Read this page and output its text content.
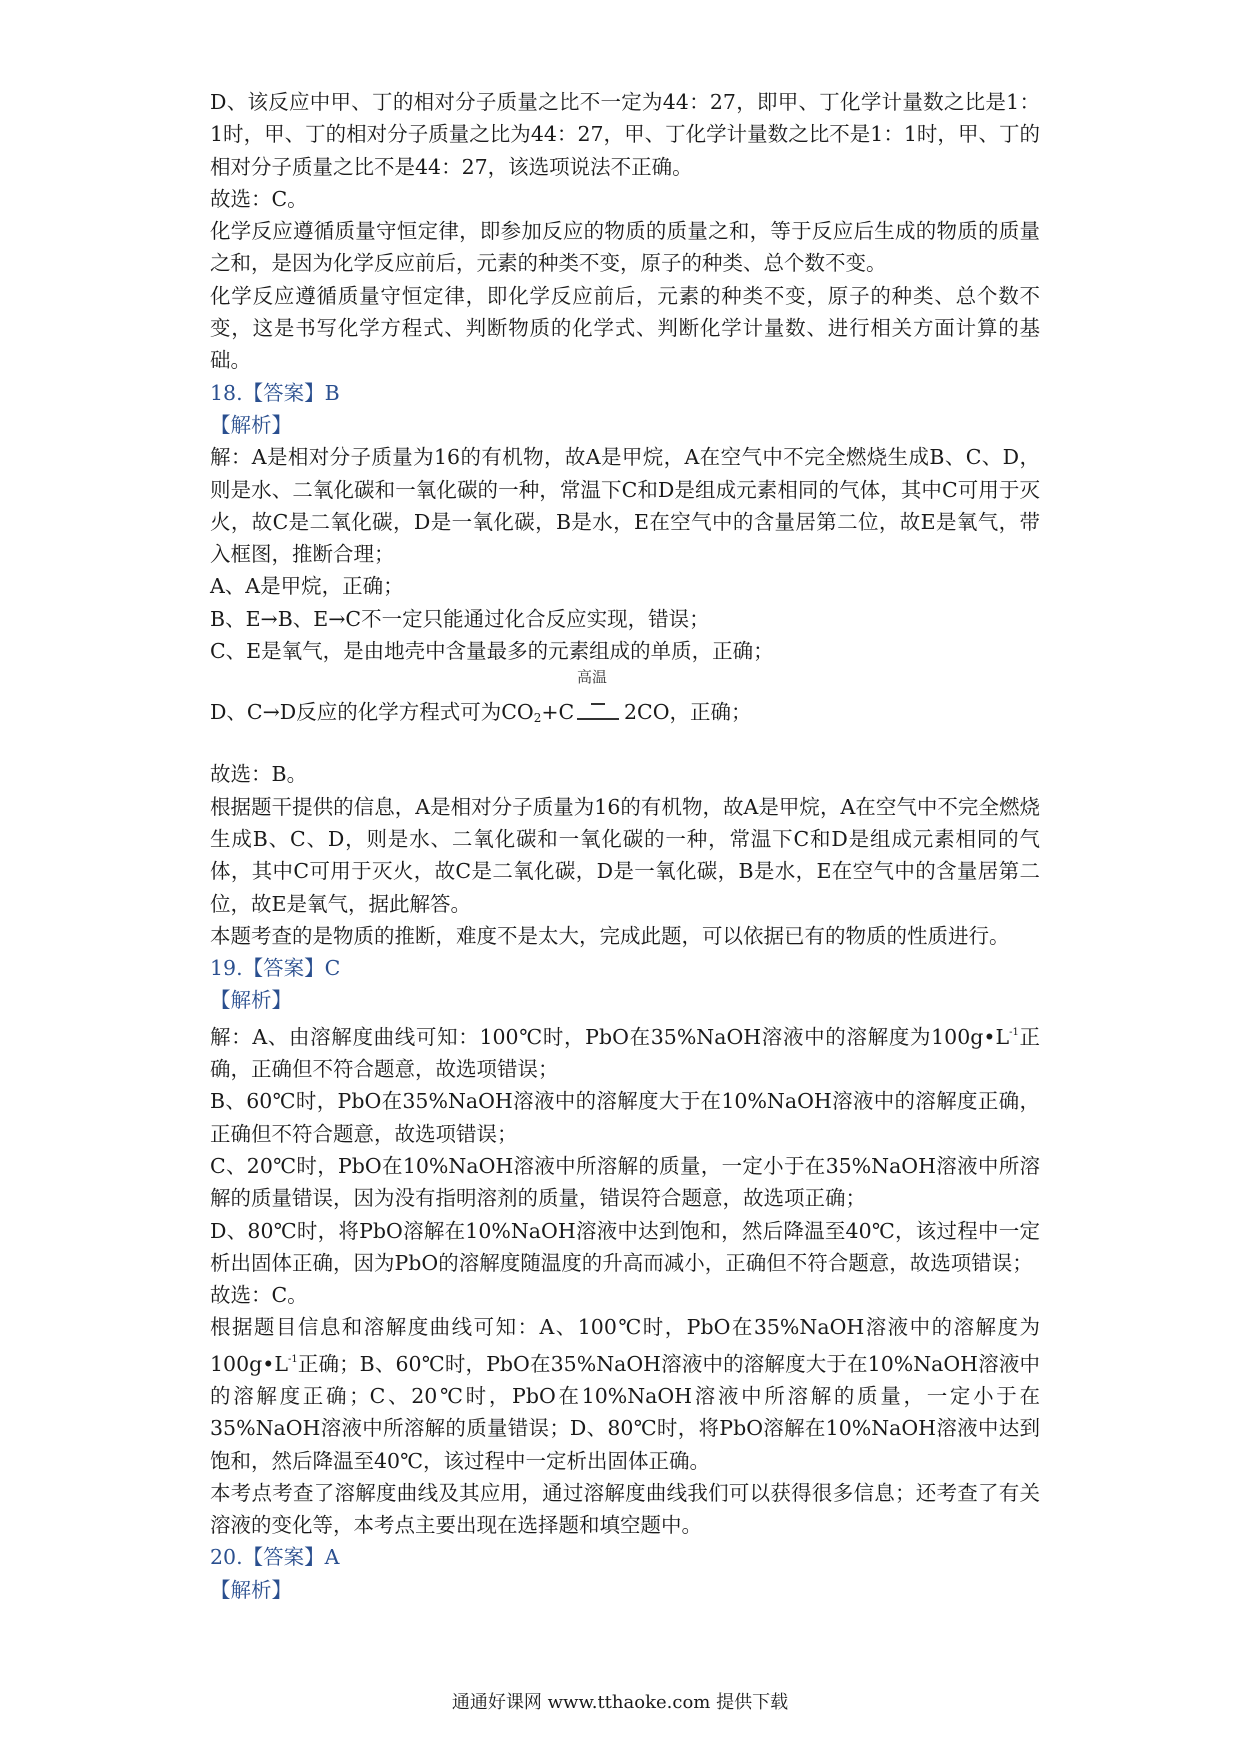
D、该反应中甲、丁的相对分子质量之比不一定为44：27，即甲、丁化学计量数之比是1：1时，甲、丁的相对分子质量之比为44：27，甲、丁化学计量数之比不是1：1时，甲、丁的相对分子质量之比不是44：27，该选项说法不正确。

故选：C。

化学反应遵循质量守恒定律，即参加反应的物质的质量之和，等于反应后生成的物质的质量之和，是因为化学反应前后，元素的种类不变，原子的种类、总个数不变。

化学反应遵循质量守恒定律，即化学反应前后，元素的种类不变，原子的种类、总个数不变，这是书写化学方程式、判断物质的化学式、判断化学计量数、进行相关方面计算的基础。

18.【答案】B

【解析】

解：A是相对分子质量为16的有机物，故A是甲烷，A在空气中不完全燃烧生成B、C、D，则是水、二氧化碳和一氧化碳的一种，常温下C和D是组成元素相同的气体，其中C可用于灭火，故C是二氧化碳，D是一氧化碳，B是水，E在空气中的含量居第二位，故E是氧气，带入框图，推断合理；

A、A是甲烷，正确；

B、E→B、E→C不一定只能通过化合反应实现，错误；

C、E是氧气，是由地壳中含量最多的元素组成的单质，正确；

D、C→D反应的化学方程式可为$CO_2+C$
高温
2CO，正确；

故选：B。

根据题干提供的信息，A是相对分子质量为16的有机物，故A是甲烷，A在空气中不完全燃烧生成B、C、D，则是水、二氧化碳和一氧化碳的一种，常温下C和D是组成元素相同的气体，其中C可用于灭火，故C是二氧化碳，D是一氧化碳，B是水，E在空气中的含量居第二位，故E是氧气，据此解答。

本题考查的是物质的推断，难度不是太大，完成此题，可以依据已有的物质的性质进行。

19.【答案】C

【解析】

解：A、由溶解度曲线可知：100℃时，PbO在35%NaOH溶液中的溶解度为$100g•L^{-1}$正确，正确但不符合题意，故选项错误；

B、60℃时，PbO在35%NaOH溶液中的溶解度大于在10%NaOH溶液中的溶解度正确，正确但不符合题意，故选项错误；

C、20℃时，PbO在10%NaOH溶液中所溶解的质量，一定小于在35%NaOH溶液中所溶解的质量错误，因为没有指明溶剂的质量，错误符合题意，故选项正确；

D、80℃时，将PbO溶解在10%NaOH溶液中达到饱和，然后降温至40℃，该过程中一定析出固体正确，因为PbO的溶解度随温度的升高而减小，正确但不符合题意，故选项错误；

故选：C。

根据题目信息和溶解度曲线可知：A、100℃时，PbO在35%NaOH溶液中的溶解度为$100g•L^{-1}$正确；B、60℃时，PbO在35%NaOH溶液中的溶解度大于在10%NaOH溶液中的溶解度正确；C、20℃时，PbO在10%NaOH溶液中所溶解的质量，一定小于在35%NaOH溶液中所溶解的质量错误；D、80℃时，将PbO溶解在10%NaOH溶液中达到饱和，然后降温至40℃，该过程中一定析出固体正确。

本考点考查了溶解度曲线及其应用，通过溶解度曲线我们可以获得很多信息；还考查了有关溶液的变化等，本考点主要出现在选择题和填空题中。

20.【答案】A

【解析】

通通好课网 www.tthaoke.com 提供下载
